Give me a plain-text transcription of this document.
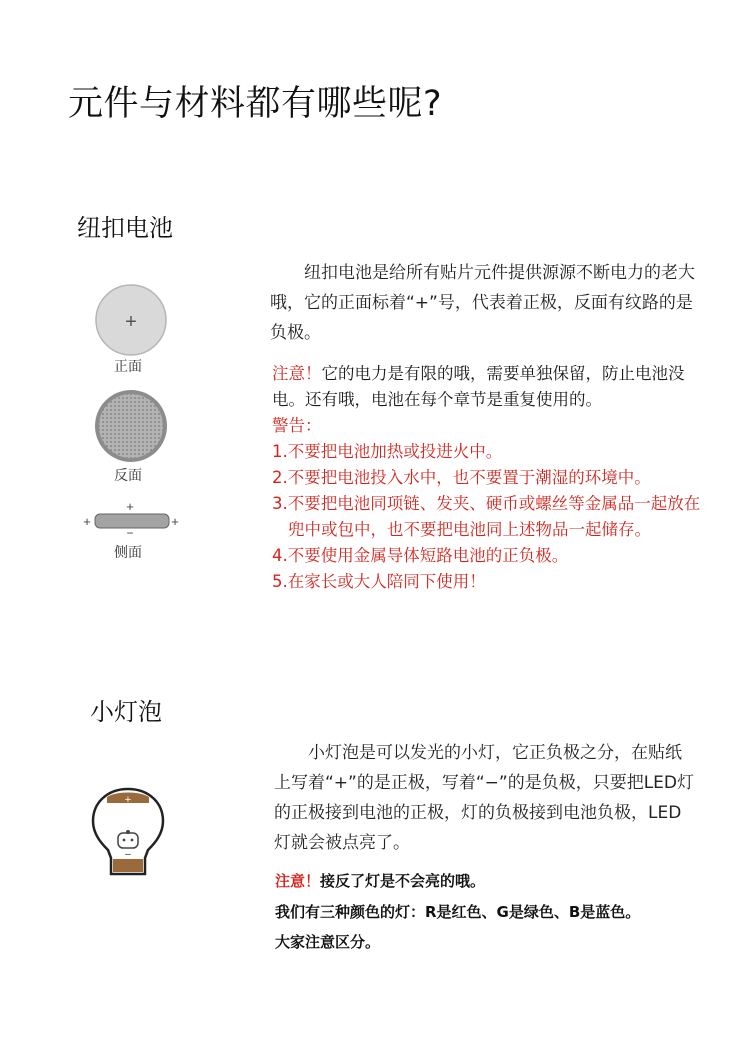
元件与材料都有哪些呢?
纽扣电池
+
正面
反面
+
+	+
−
侧面
纽扣电池是给所有贴片元件提供源源不断电力的老大哦，它的正面标着“+”号，代表着正极，反面有纹路的是负极。
注意！它的电力是有限的哦，需要单独保留，防止电池没电。还有哦，电池在每个章节是重复使用的。
警告：
1.不要把电池加热或投进火中。
2.不要把电池投入水中，也不要置于潮湿的环境中。
3.不要把电池同项链、发夹、硬币或螺丝等金属品一起放在兜中或包中，也不要把电池同上述物品一起储存。
4.不要使用金属导体短路电池的正负极。
5.在家长或大人陪同下使用！
小灯泡
+
−
小灯泡是可以发光的小灯，它正负极之分，在贴纸上写着“+”的是正极，写着“−”的是负极，只要把LED灯的正极接到电池的正极，灯的负极接到电池负极，LED灯就会被点亮了。
注意！接反了灯是不会亮的哦。
我们有三种颜色的灯：R是红色、G是绿色、B是蓝色。
大家注意区分。
